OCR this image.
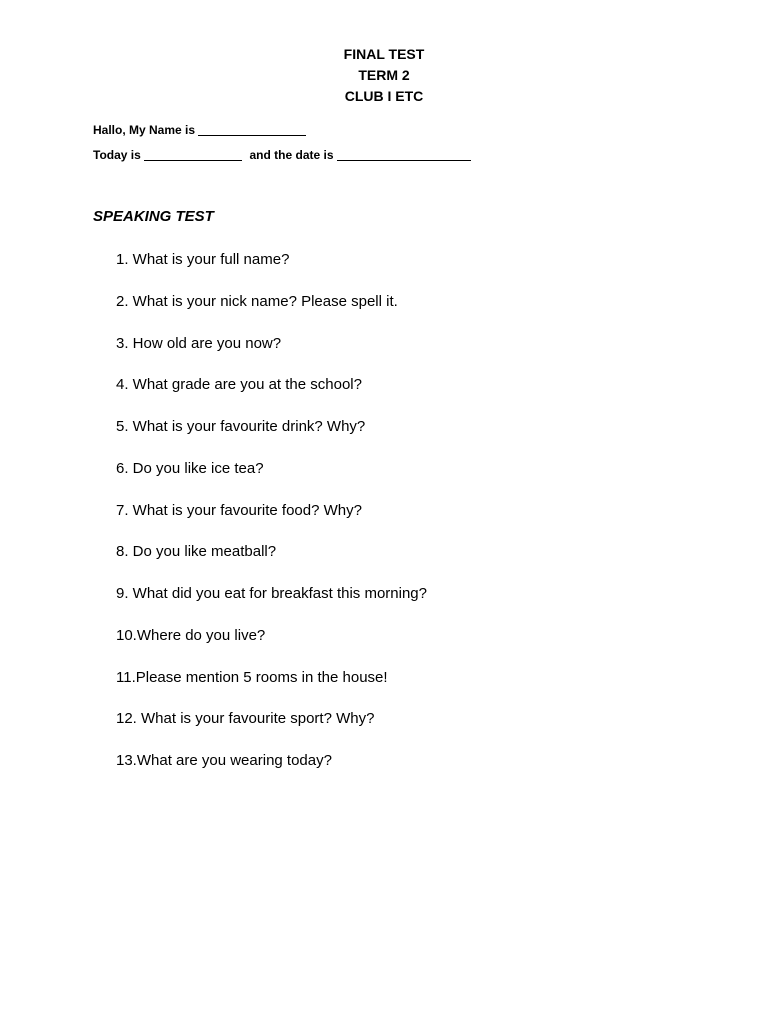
FINAL TEST
TERM 2
CLUB I ETC
Hallo, My Name is
Today is	and the date is
SPEAKING TEST
1. What is your full name?
2. What is your nick name? Please spell it.
3. How old are you now?
4. What grade are you at the school?
5. What is your favourite drink? Why?
6. Do you like ice tea?
7. What is your favourite food? Why?
8. Do you like meatball?
9. What did you eat for breakfast this morning?
10.Where do you live?
11.Please mention 5 rooms in the house!
12. What is your favourite sport? Why?
13.What are you wearing today?
